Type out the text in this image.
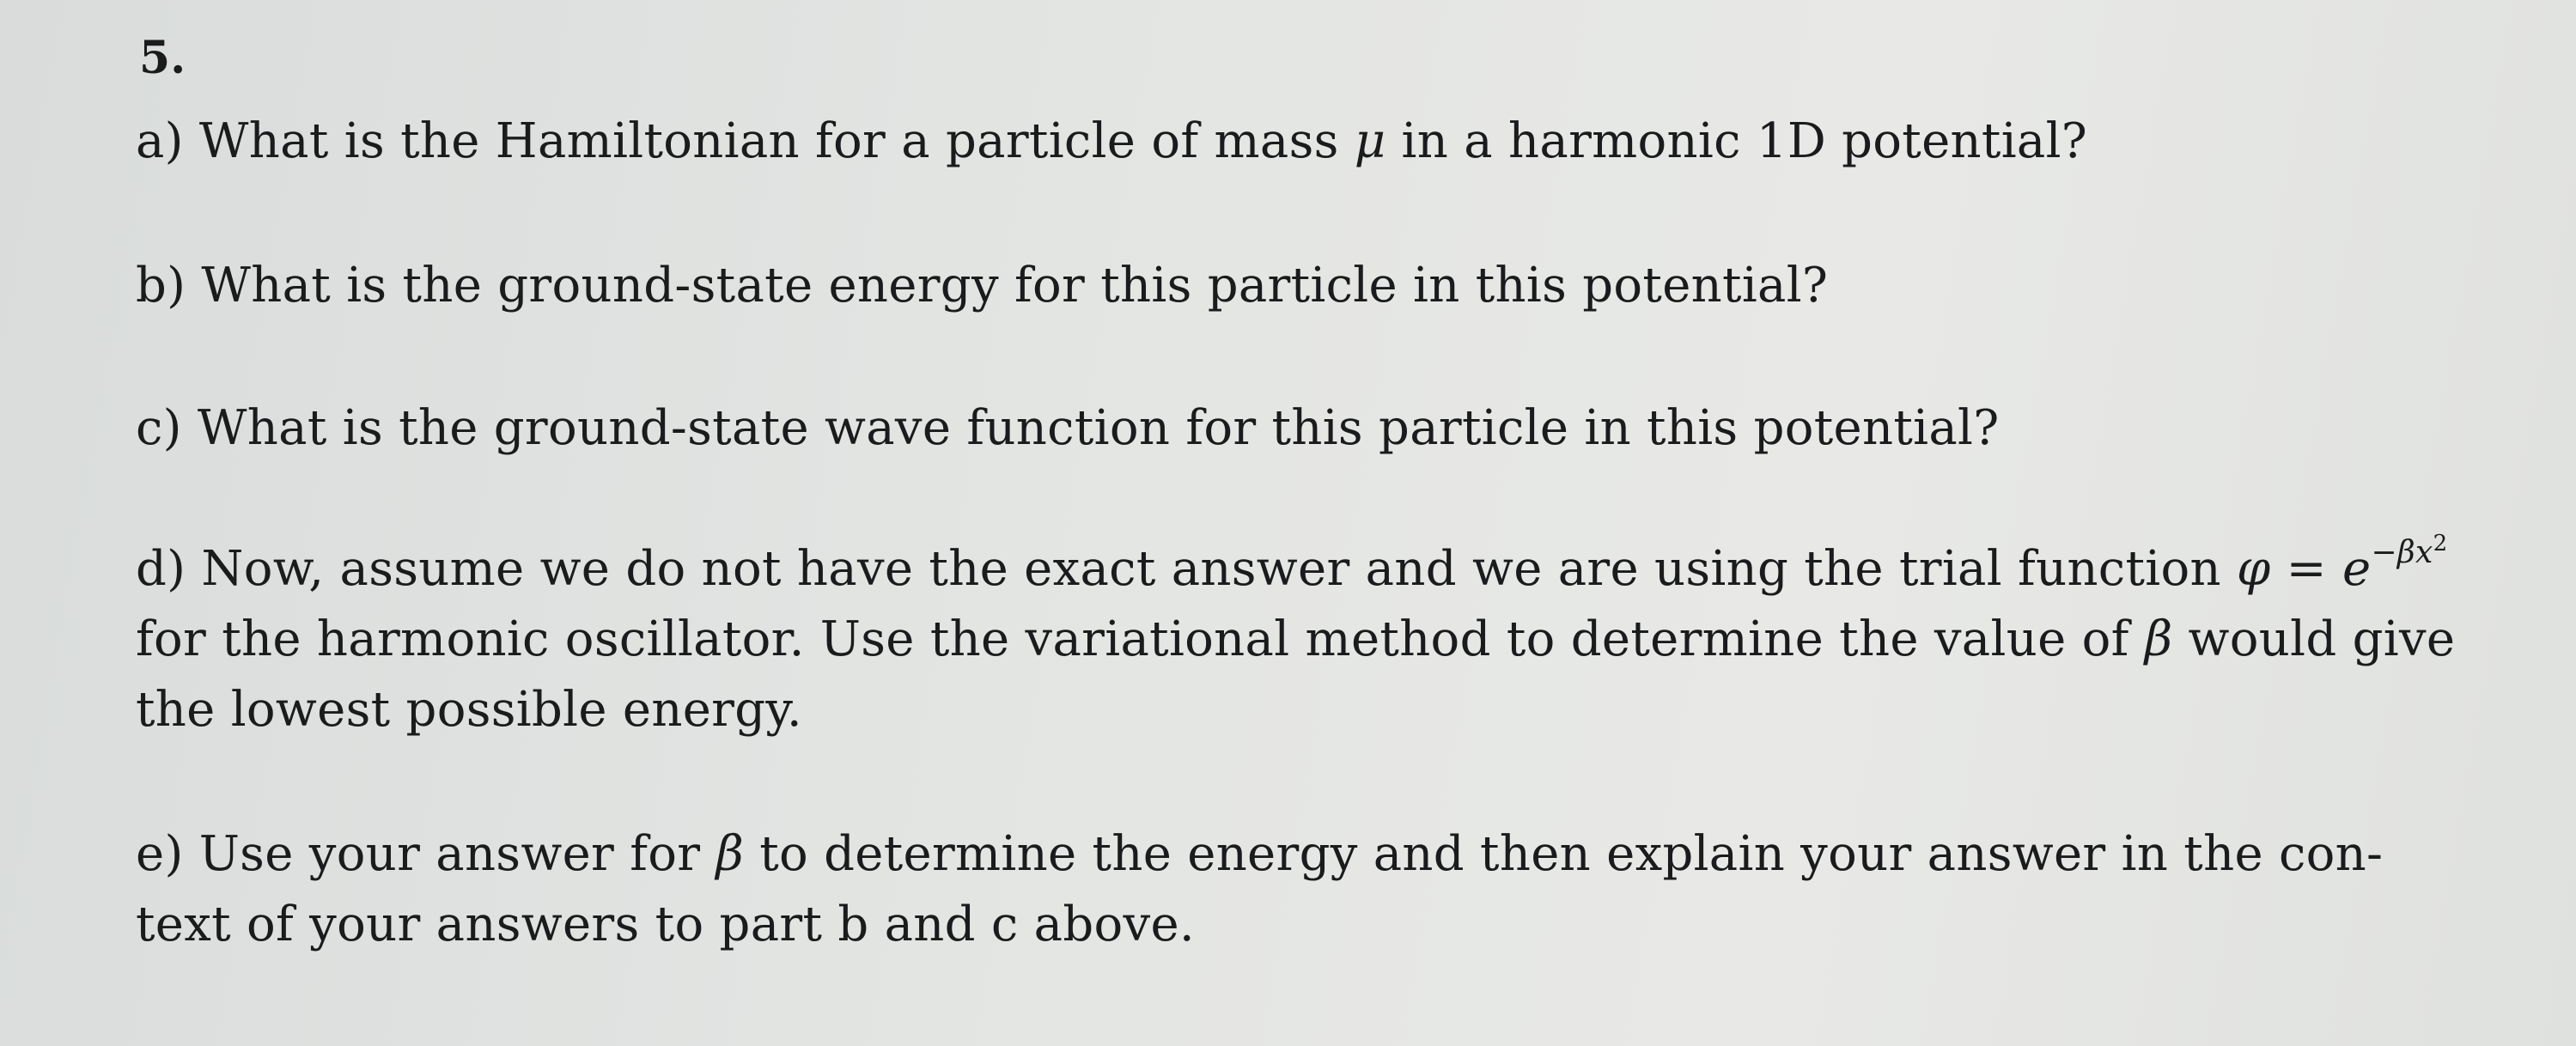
5.
a) What is the Hamiltonian for a particle of mass μ in a harmonic 1D potential?
b) What is the ground-state energy for this particle in this potential?
c) What is the ground-state wave function for this particle in this potential?
d) Now, assume we do not have the exact answer and we are using the trial function $\varphi = e^{-\beta x^2}$
for the harmonic oscillator. Use the variational method to determine the value of β would give
the lowest possible energy.
e) Use your answer for β to determine the energy and then explain your answer in the con-
text of your answers to part b and c above.
